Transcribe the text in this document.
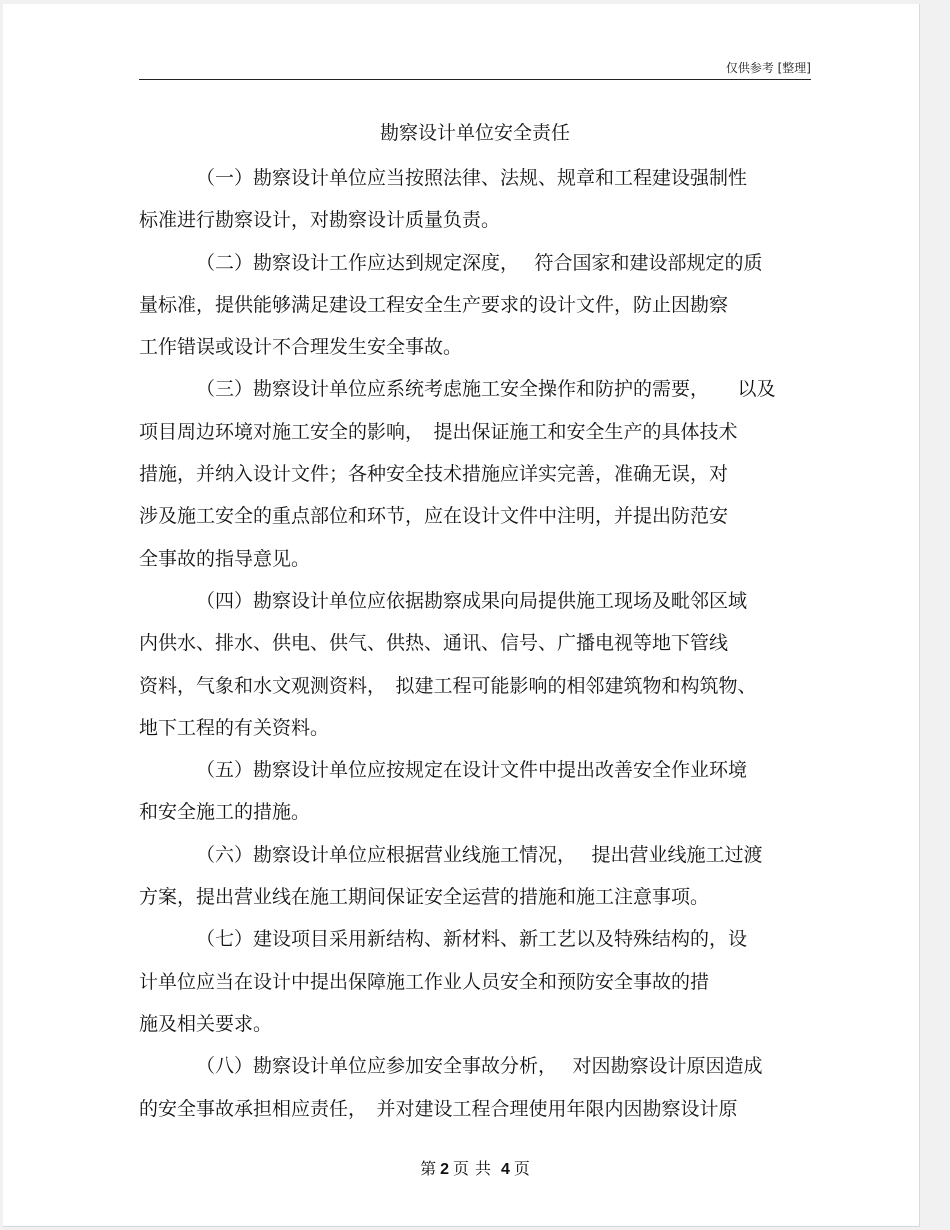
仅供参考 [整理]
勘察设计单位安全责任
（一）勘察设计单位应当按照法律、法规、规章和工程建设强制性
标准进行勘察设计，对勘察设计质量负责。
（二）勘察设计工作应达到规定深度，　 符合国家和建设部规定的质
量标准，提供能够满足建设工程安全生产要求的设计文件，防止因勘察
工作错误或设计不合理发生安全事故。
（三）勘察设计单位应系统考虑施工安全操作和防护的需要，　　以及
项目周边环境对施工安全的影响，　提出保证施工和安全生产的具体技术
措施，并纳入设计文件；各种安全技术措施应详实完善，准确无误，对
涉及施工安全的重点部位和环节，应在设计文件中注明，并提出防范安
全事故的指导意见。
（四）勘察设计单位应依据勘察成果向局提供施工现场及毗邻区域
内供水、排水、供电、供气、供热、通讯、信号、广播电视等地下管线
资料，气象和水文观测资料，　拟建工程可能影响的相邻建筑物和构筑物、
地下工程的有关资料。
（五）勘察设计单位应按规定在设计文件中提出改善安全作业环境
和安全施工的措施。
（六）勘察设计单位应根据营业线施工情况，　 提出营业线施工过渡
方案，提出营业线在施工期间保证安全运营的措施和施工注意事项。
（七）建设项目采用新结构、新材料、新工艺以及特殊结构的，设
计单位应当在设计中提出保障施工作业人员安全和预防安全事故的措
施及相关要求。
（八）勘察设计单位应参加安全事故分析，　 对因勘察设计原因造成
的安全事故承担相应责任，　并对建设工程合理使用年限内因勘察设计原
第 2 页 共 4 页
